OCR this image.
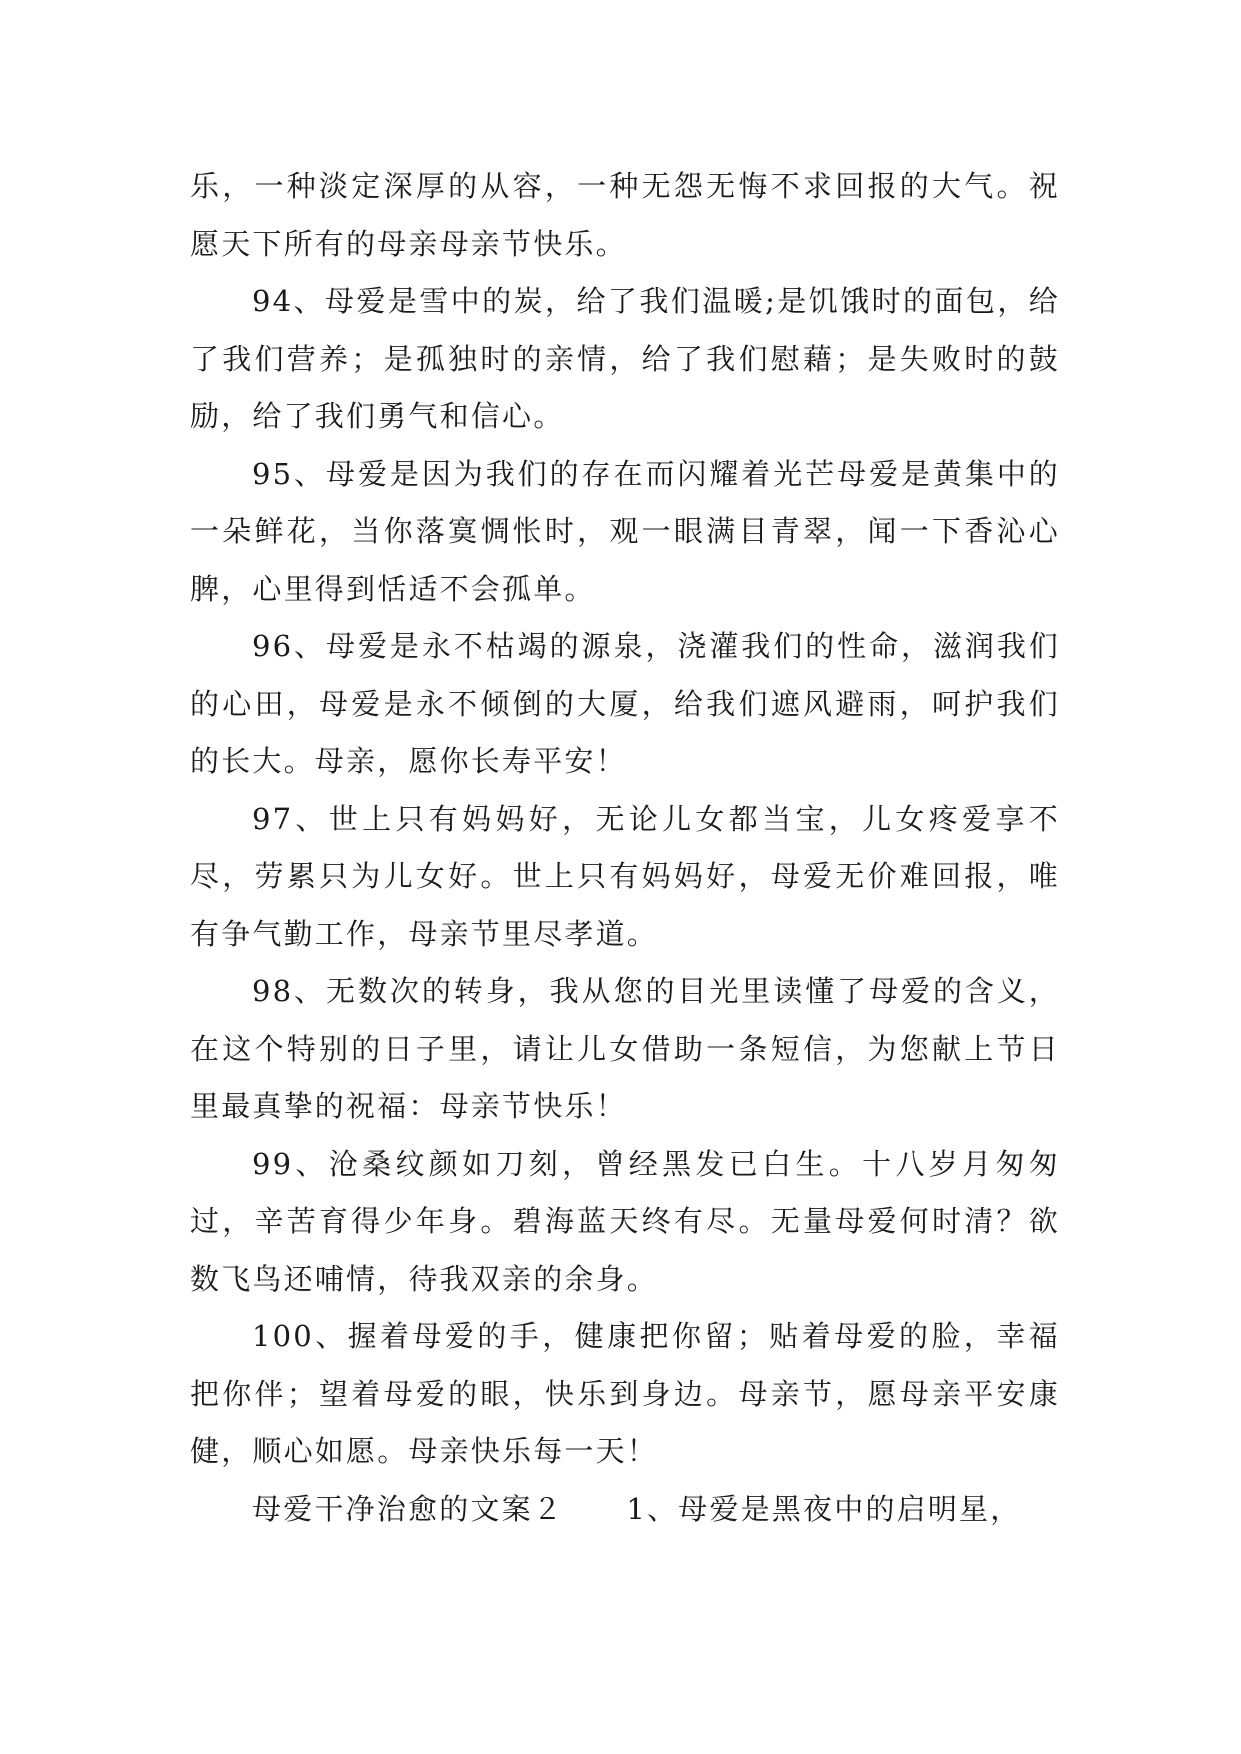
乐，一种淡定深厚的从容，一种无怨无悔不求回报的大气。祝愿天下所有的母亲母亲节快乐。

94、母爱是雪中的炭，给了我们温暖;是饥饿时的面包，给了我们营养；是孤独时的亲情，给了我们慰藉；是失败时的鼓励，给了我们勇气和信心。

95、母爱是因为我们的存在而闪耀着光芒母爱是黄集中的一朵鲜花，当你落寞惆怅时，观一眼满目青翠，闻一下香沁心脾，心里得到恬适不会孤单。

96、母爱是永不枯竭的源泉，浇灌我们的性命，滋润我们的心田，母爱是永不倾倒的大厦，给我们遮风避雨，呵护我们的长大。母亲，愿你长寿平安！

97、世上只有妈妈好，无论儿女都当宝，儿女疼爱享不尽，劳累只为儿女好。世上只有妈妈好，母爱无价难回报，唯有争气勤工作，母亲节里尽孝道。

98、无数次的转身，我从您的目光里读懂了母爱的含义，在这个特别的日子里，请让儿女借助一条短信，为您献上节日里最真挚的祝福：母亲节快乐！

99、沧桑纹颜如刀刻，曾经黑发已白生。十八岁月匆匆过，辛苦育得少年身。碧海蓝天终有尽。无量母爱何时清？欲数飞鸟还哺情，待我双亲的余身。

100、握着母爱的手，健康把你留；贴着母爱的脸，幸福把你伴；望着母爱的眼，快乐到身边。母亲节，愿母亲平安康健，顺心如愿。母亲快乐每一天！

母爱干净治愈的文案２　　1、母爱是黑夜中的启明星，
